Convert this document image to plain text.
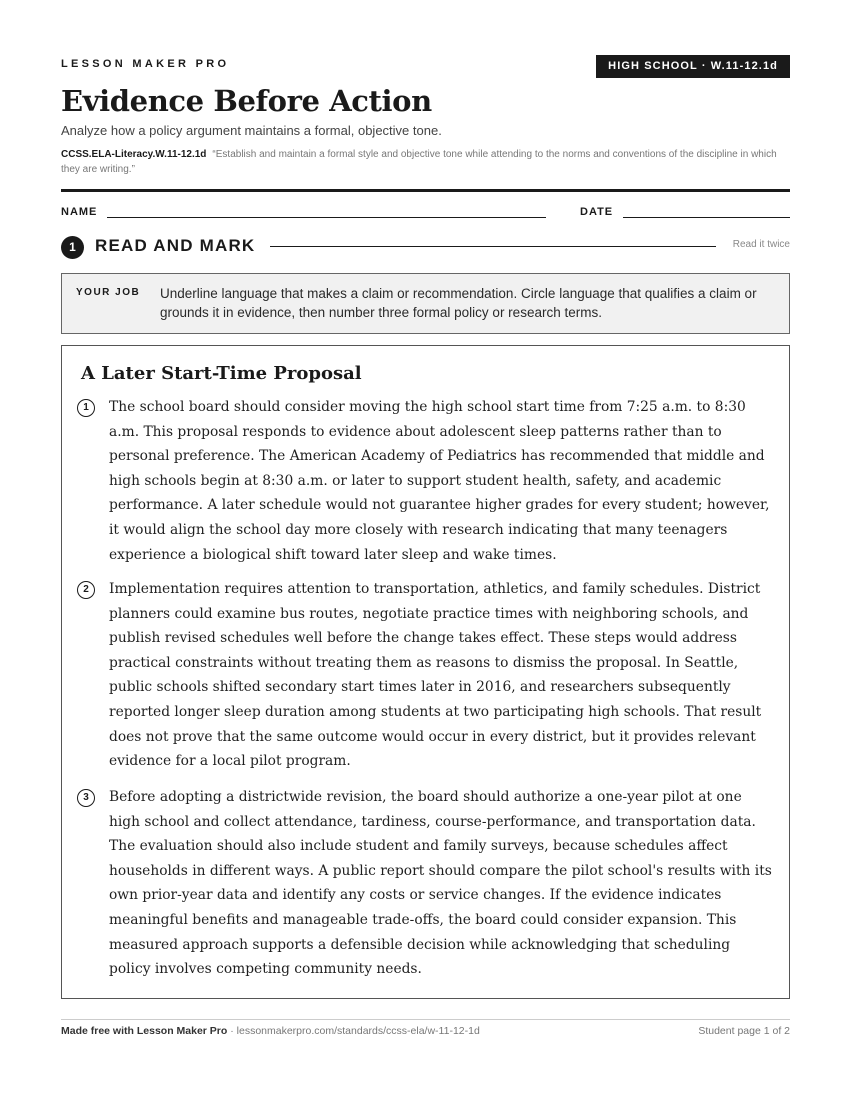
LESSON MAKER PRO	HIGH SCHOOL · W.11-12.1d
Evidence Before Action
Analyze how a policy argument maintains a formal, objective tone.
CCSS.ELA-Literacy.W.11-12.1d “Establish and maintain a formal style and objective tone while attending to the norms and conventions of the discipline in which they are writing.”
NAME	DATE
1	READ AND MARK	Read it twice
YOUR JOB Underline language that makes a claim or recommendation. Circle language that qualifies a claim or grounds it in evidence, then number three formal policy or research terms.
A Later Start-Time Proposal
1	The school board should consider moving the high school start time from 7:25 a.m. to 8:30 a.m. This proposal responds to evidence about adolescent sleep patterns rather than to personal preference. The American Academy of Pediatrics has recommended that middle and high schools begin at 8:30 a.m. or later to support student health, safety, and academic performance. A later schedule would not guarantee higher grades for every student; however, it would align the school day more closely with research indicating that many teenagers experience a biological shift toward later sleep and wake times.
2	Implementation requires attention to transportation, athletics, and family schedules. District planners could examine bus routes, negotiate practice times with neighboring schools, and publish revised schedules well before the change takes effect. These steps would address practical constraints without treating them as reasons to dismiss the proposal. In Seattle, public schools shifted secondary start times later in 2016, and researchers subsequently reported longer sleep duration among students at two participating high schools. That result does not prove that the same outcome would occur in every district, but it provides relevant evidence for a local pilot program.
3	Before adopting a districtwide revision, the board should authorize a one-year pilot at one high school and collect attendance, tardiness, course-performance, and transportation data. The evaluation should also include student and family surveys, because schedules affect households in different ways. A public report should compare the pilot school's results with its own prior-year data and identify any costs or service changes. If the evidence indicates meaningful benefits and manageable trade-offs, the board could consider expansion. This measured approach supports a defensible decision while acknowledging that scheduling policy involves competing community needs.
Made free with Lesson Maker Pro · lessonmakerpro.com/standards/ccss-ela/w-11-12-1d	Student page 1 of 2
